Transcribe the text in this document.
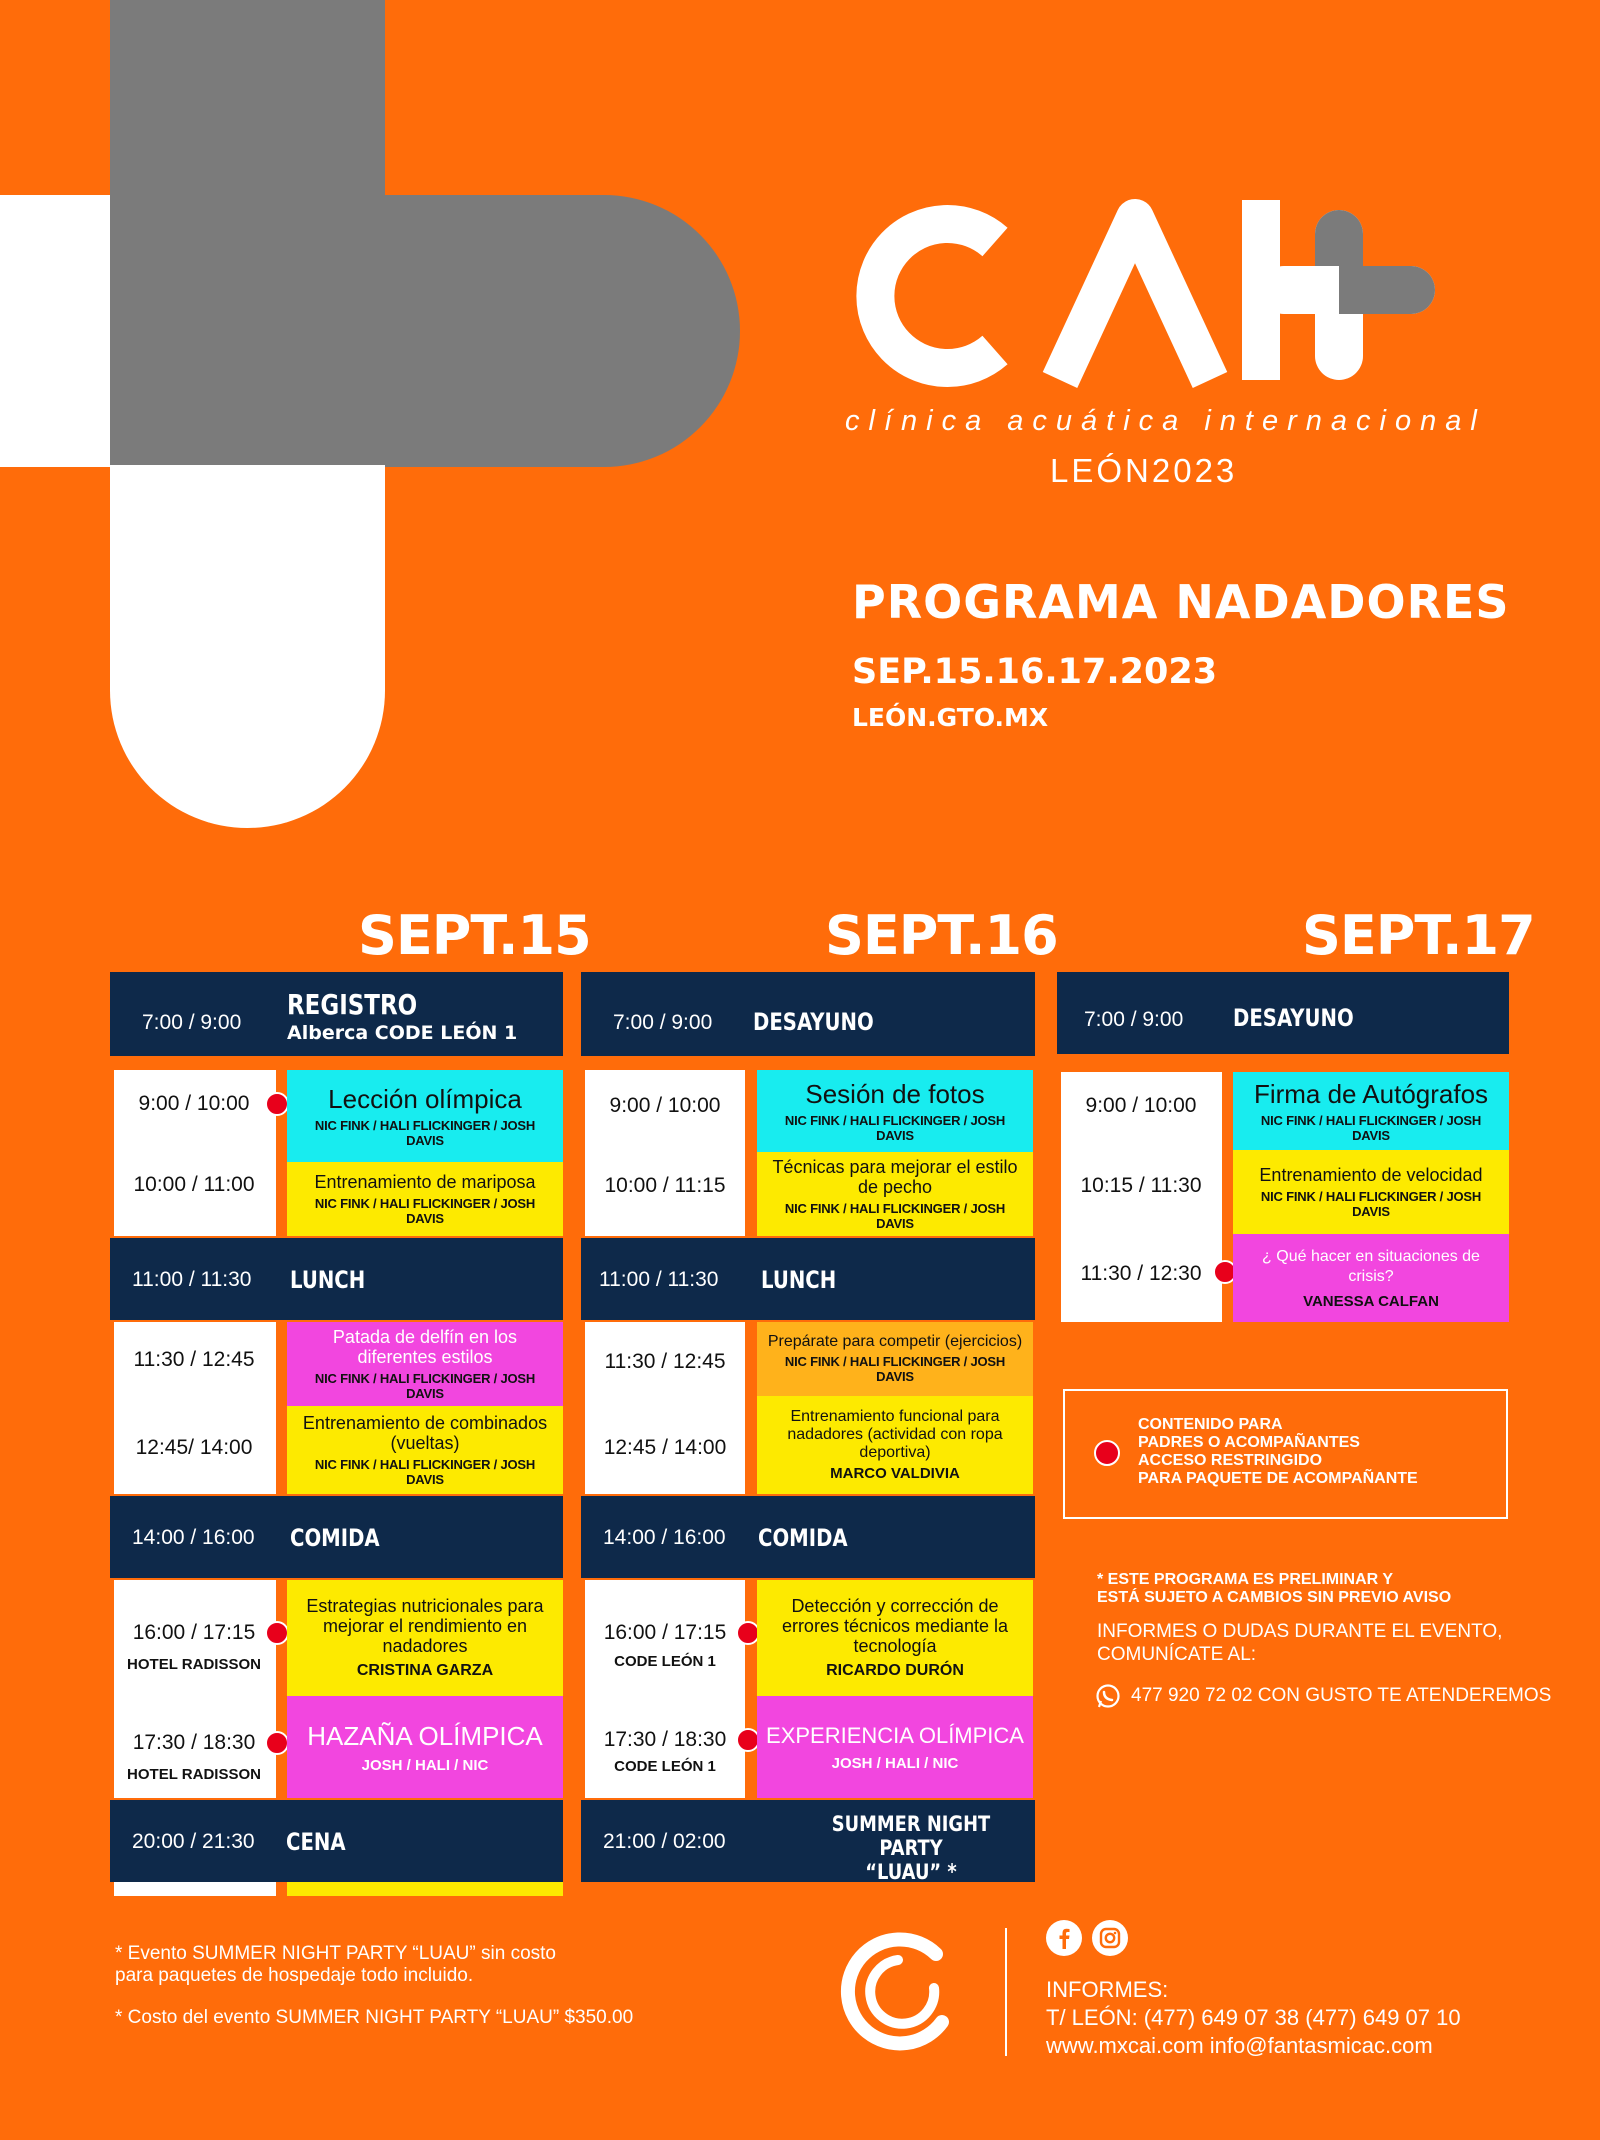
CAI+
clínica acuática internacional
LEÓN2023
PROGRAMA NADADORES
SEP.15.16.17.2023
LEÓN.GTO.MX
SEPT.15	SEPT.16	SEPT.17
7:00 / 9:00
REGISTRO
Alberca CODE LEÓN 1
9:00 / 10:00
10:00 / 11:00
Lección olímpica
NIC FINK / HALI FLICKINGER / JOSH DAVIS
Entrenamiento de mariposa
NIC FINK / HALI FLICKINGER / JOSH DAVIS
11:00 / 11:30 LUNCH
11:30 / 12:45
12:45/ 14:00
Patada de delfín en los diferentes estilos
NIC FINK / HALI FLICKINGER / JOSH DAVIS
Entrenamiento de combinados (vueltas)
NIC FINK / HALI FLICKINGER / JOSH DAVIS
14:00 / 16:00 COMIDA
16:00 / 17:15
HOTEL RADISSON
17:30 / 18:30
HOTEL RADISSON
Estrategias nutricionales para mejorar el rendimiento en nadadores
CRISTINA GARZA
HAZAÑA OLÍMPICA
JOSH / HALI / NIC
20:00 / 21:30 CENA
7:00 / 9:00 DESAYUNO
9:00 / 10:00
10:00 / 11:15
Sesión de fotos
NIC FINK / HALI FLICKINGER / JOSH DAVIS
Técnicas para mejorar el estilo de pecho
NIC FINK / HALI FLICKINGER / JOSH DAVIS
11:00 / 11:30 LUNCH
11:30 / 12:45
12:45 / 14:00
Prepárate para competir (ejercicios)
NIC FINK / HALI FLICKINGER / JOSH DAVIS
Entrenamiento funcional para nadadores (actividad con ropa deportiva)
MARCO VALDIVIA
14:00 / 16:00 COMIDA
16:00 / 17:15
CODE LEÓN 1
17:30 / 18:30
CODE LEÓN 1
Detección y corrección de errores técnicos mediante la tecnología
RICARDO DURÓN
EXPERIENCIA OLÍMPICA
JOSH / HALI / NIC
21:00 / 02:00
SUMMER NIGHT PARTY
“LUAU” *
7:00 / 9:00 DESAYUNO
9:00 / 10:00
10:15 / 11:30
11:30 / 12:30
Firma de Autógrafos
NIC FINK / HALI FLICKINGER / JOSH DAVIS
Entrenamiento de velocidad
NIC FINK / HALI FLICKINGER / JOSH DAVIS
¿ Qué hacer en situaciones de crisis?
VANESSA CALFAN
CONTENIDO PARA
PADRES O ACOMPAÑANTES
ACCESO RESTRINGIDO
PARA PAQUETE DE ACOMPAÑANTE
* ESTE PROGRAMA ES PRELIMINAR Y
ESTÁ SUJETO A CAMBIOS SIN PREVIO AVISO
INFORMES O DUDAS DURANTE EL EVENTO,
COMUNÍCATE AL:
477 920 72 02 CON GUSTO TE ATENDEREMOS
* Evento SUMMER NIGHT PARTY “LUAU” sin costo
para paquetes de hospedaje todo incluido.
* Costo del evento SUMMER NIGHT PARTY “LUAU” $350.00
INFORMES:
T/ LEÓN: (477) 649 07 38 (477) 649 07 10
www.mxcai.com info@fantasmicac.com
